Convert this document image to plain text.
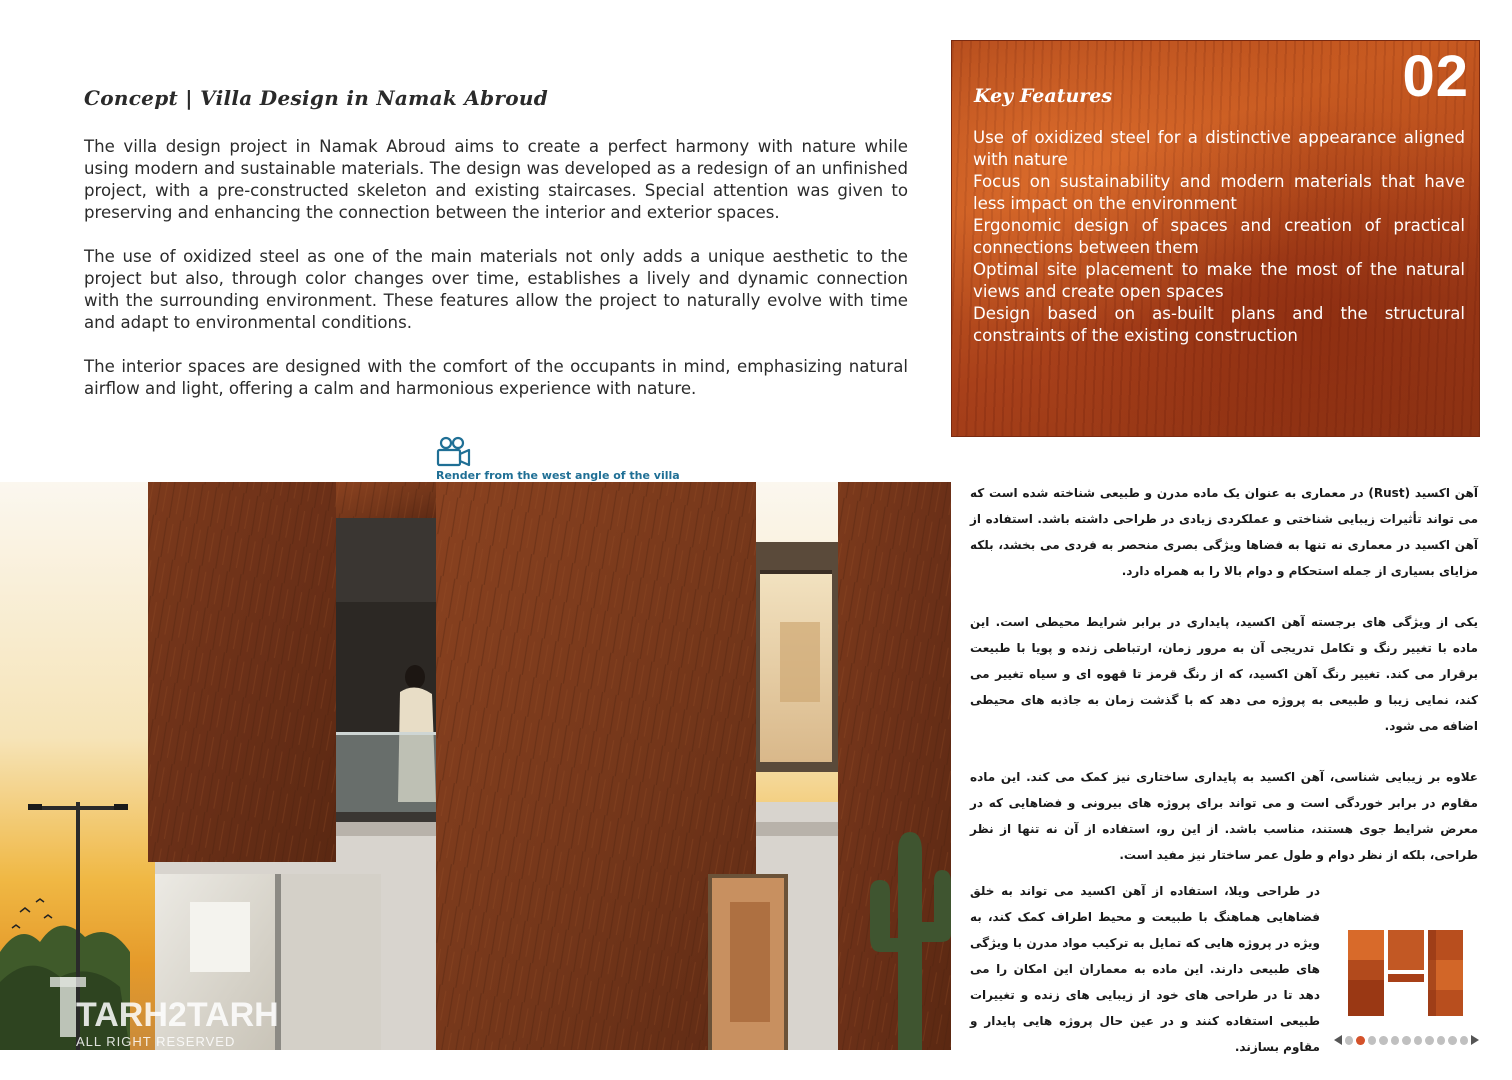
Concept | Villa Design in Namak Abroud

The villa design project in Namak Abroud aims to create a perfect harmony with nature while using modern and sustainable materials. The design was developed as a redesign of an unfinished project, with a pre-constructed skeleton and existing staircases. Special attention was given to preserving and enhancing the connection between the interior and exterior spaces.

The use of oxidized steel as one of the main materials not only adds a unique aesthetic to the project but also, through color changes over time, establishes a lively and dynamic connection with the surrounding environment. These features allow the project to naturally evolve with time and adapt to environmental conditions.

The interior spaces are designed with the comfort of the occupants in mind, emphasizing natural airflow and light, offering a calm and harmonious experience with nature.

02
Key Features
Use of oxidized steel for a distinctive appearance aligned with nature
Focus on sustainability and modern materials that have less impact on the environment
Ergonomic design of spaces and creation of practical connections between them
Optimal site placement to make the most of the natural views and create open spaces
Design based on as-built plans and the structural constraints of the existing construction
Render from the west angle of the villa
TARH2TARH
ALL RIGHT RESERVED

آهن اکسید (Rust) در معماری به عنوان یک ماده مدرن و طبیعی شناخته شده است که می تواند تأثیرات زیبایی شناختی و عملکردی زیادی در طراحی داشته باشد. استفاده از آهن اکسید در معماری نه تنها به فضاها ویژگی بصری منحصر به فردی می بخشد، بلکه مزایای بسیاری از جمله استحکام و دوام بالا را به همراه دارد.

یکی از ویژگی های برجسته آهن اکسید، پایداری در برابر شرایط محیطی است. این ماده با تغییر رنگ و تکامل تدریجی آن به مرور زمان، ارتباطی زنده و پویا با طبیعت برقرار می کند. تغییر رنگ آهن اکسید، که از رنگ قرمز تا قهوه ای و سیاه تغییر می کند، نمایی زیبا و طبیعی به پروژه می دهد که با گذشت زمان به جاذبه های محیطی اضافه می شود.

علاوه بر زیبایی شناسی، آهن اکسید به پایداری ساختاری نیز کمک می کند. این ماده مقاوم در برابر خوردگی است و می تواند برای پروژه های بیرونی و فضاهایی که در معرض شرایط جوی هستند، مناسب باشد. از این رو، استفاده از آن نه تنها از نظر طراحی، بلکه از نظر دوام و طول عمر ساختار نیز مفید است.

در طراحی ویلا، استفاده از آهن اکسید می تواند به خلق فضاهایی هماهنگ با طبیعت و محیط اطراف کمک کند، به ویژه در پروژه هایی که تمایل به ترکیب مواد مدرن با ویژگی های طبیعی دارند. این ماده به معماران این امکان را می دهد تا در طراحی های خود از زیبایی های زنده و تغییرات طبیعی استفاده کنند و در عین حال پروژه هایی پایدار و مقاوم بسازند.
